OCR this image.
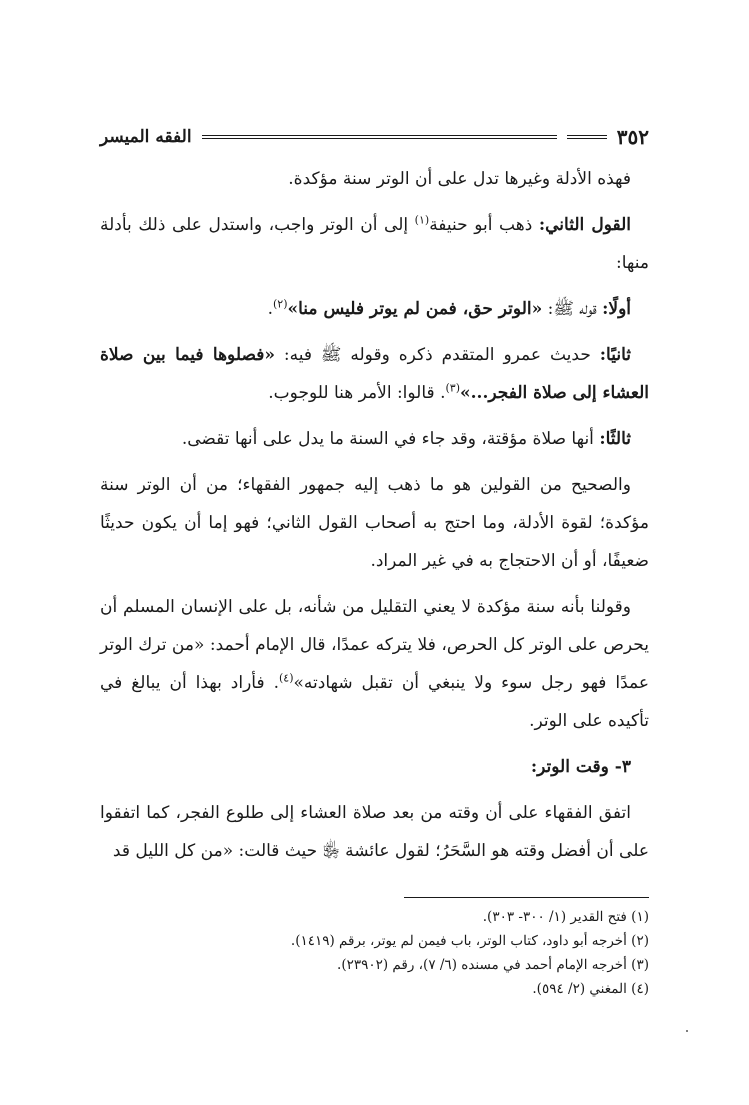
٣٥٢
الفقه الميسر

فهذه الأدلة وغيرها تدل على أن الوتر سنة مؤكدة.

القول الثاني: ذهب أبو حنيفة$^{(١)}$ إلى أن الوتر واجب، واستدل على ذلك بأدلة منها:

أولًا: قوله ﷺ: «الوتر حق، فمن لم يوتر فليس منا»$^{(٢)}$.

ثانيًا: حديث عمرو المتقدم ذكره وقوله ﷺ فيه: «فصلوها فيما بين صلاة العشاء إلى صلاة الفجر...»$^{(٣)}$. قالوا: الأمر هنا للوجوب.

ثالثًا: أنها صلاة مؤقتة، وقد جاء في السنة ما يدل على أنها تقضى.

والصحيح من القولين هو ما ذهب إليه جمهور الفقهاء؛ من أن الوتر سنة مؤكدة؛ لقوة الأدلة، وما احتج به أصحاب القول الثاني؛ فهو إما أن يكون حديثًا ضعيفًا، أو أن الاحتجاج به في غير المراد.

وقولنا بأنه سنة مؤكدة لا يعني التقليل من شأنه، بل على الإنسان المسلم أن يحرص على الوتر كل الحرص، فلا يتركه عمدًا، قال الإمام أحمد: «من ترك الوتر عمدًا فهو رجل سوء ولا ينبغي أن تقبل شهادته»$^{(٤)}$. فأراد بهذا أن يبالغ في تأكيده على الوتر.

٣- وقت الوتر:

اتفق الفقهاء على أن وقته من بعد صلاة العشاء إلى طلوع الفجر، كما اتفقوا على أن أفضل وقته هو السَّحَرُ؛ لقول عائشة ﵂ حيث قالت: «من كل الليل قد

(١) فتح القدير (١/ ٣٠٠- ٣٠٣).

(٢) أخرجه أبو داود، كتاب الوتر، باب فيمن لم يوتر، برقم (١٤١٩).

(٣) أخرجه الإمام أحمد في مسنده (٦/ ٧)، رقم (٢٣٩٠٢).

(٤) المغني (٢/ ٥٩٤).
